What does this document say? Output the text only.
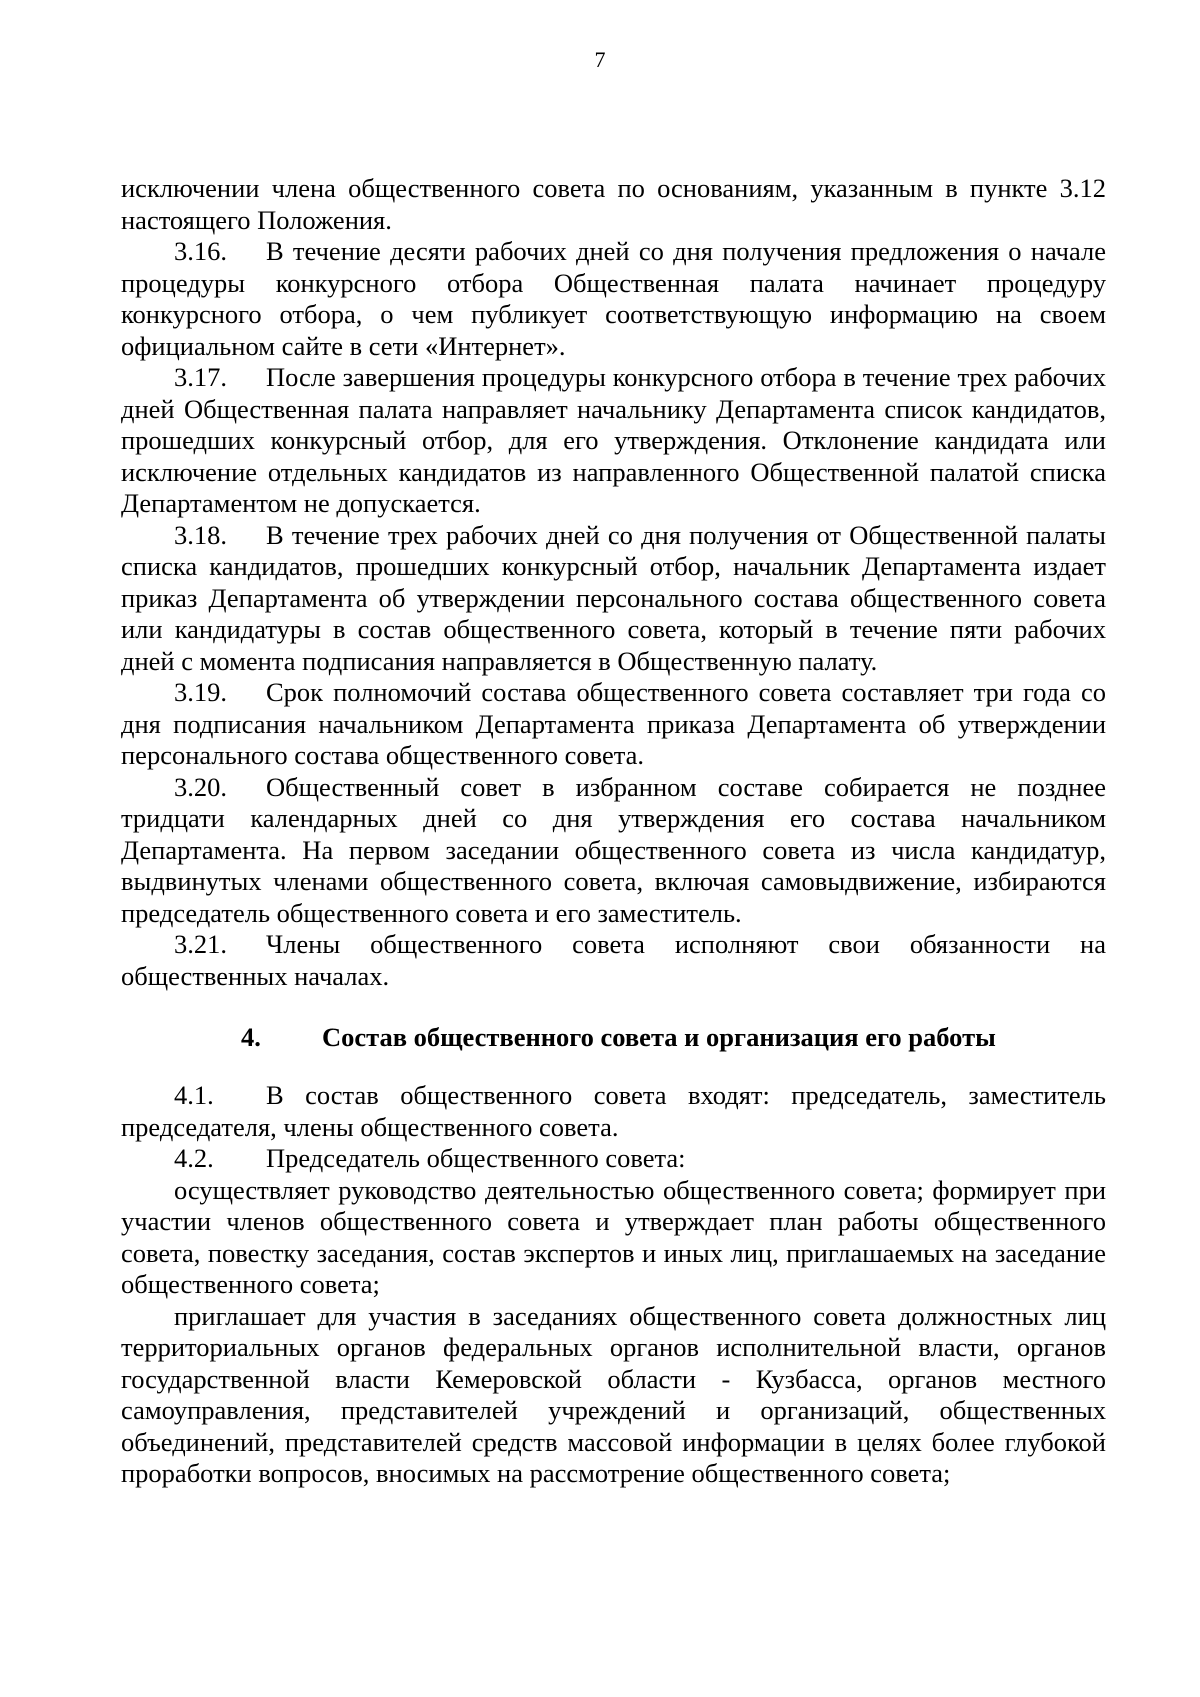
7

исключении члена общественного совета по основаниям, указанным в пункте 3.12 настоящего Положения.

3.16. В течение десяти рабочих дней со дня получения предложения о начале процедуры конкурсного отбора Общественная палата начинает процедуру конкурсного отбора, о чем публикует соответствующую информацию на своем официальном сайте в сети «Интернет».

3.17. После завершения процедуры конкурсного отбора в течение трех рабочих дней Общественная палата направляет начальнику Департамента список кандидатов, прошедших конкурсный отбор, для его утверждения. Отклонение кандидата или исключение отдельных кандидатов из направленного Общественной палатой списка Департаментом не допускается.

3.18. В течение трех рабочих дней со дня получения от Общественной палаты списка кандидатов, прошедших конкурсный отбор, начальник Департамента издает приказ Департамента об утверждении персонального состава общественного совета или кандидатуры в состав общественного совета, который в течение пяти рабочих дней с момента подписания направляется в Общественную палату.

3.19. Срок полномочий состава общественного совета составляет три года со дня подписания начальником Департамента приказа Департамента об утверждении персонального состава общественного совета.

3.20. Общественный совет в избранном составе собирается не позднее тридцати календарных дней со дня утверждения его состава начальником Департамента. На первом заседании общественного совета из числа кандидатур, выдвинутых членами общественного совета, включая самовыдвижение, избираются председатель общественного совета и его заместитель.

3.21. Члены общественного совета исполняют свои обязанности на общественных началах.

4. Состав общественного совета и организация его работы

4.1. В состав общественного совета входят: председатель, заместитель председателя, члены общественного совета.

4.2. Председатель общественного совета:

осуществляет руководство деятельностью общественного совета; формирует при участии членов общественного совета и утверждает план работы общественного совета, повестку заседания, состав экспертов и иных лиц, приглашаемых на заседание общественного совета;

приглашает для участия в заседаниях общественного совета должностных лиц территориальных органов федеральных органов исполнительной власти, органов государственной власти Кемеровской области - Кузбасса, органов местного самоуправления, представителей учреждений и организаций, общественных объединений, представителей средств массовой информации в целях более глубокой проработки вопросов, вносимых на рассмотрение общественного совета;
